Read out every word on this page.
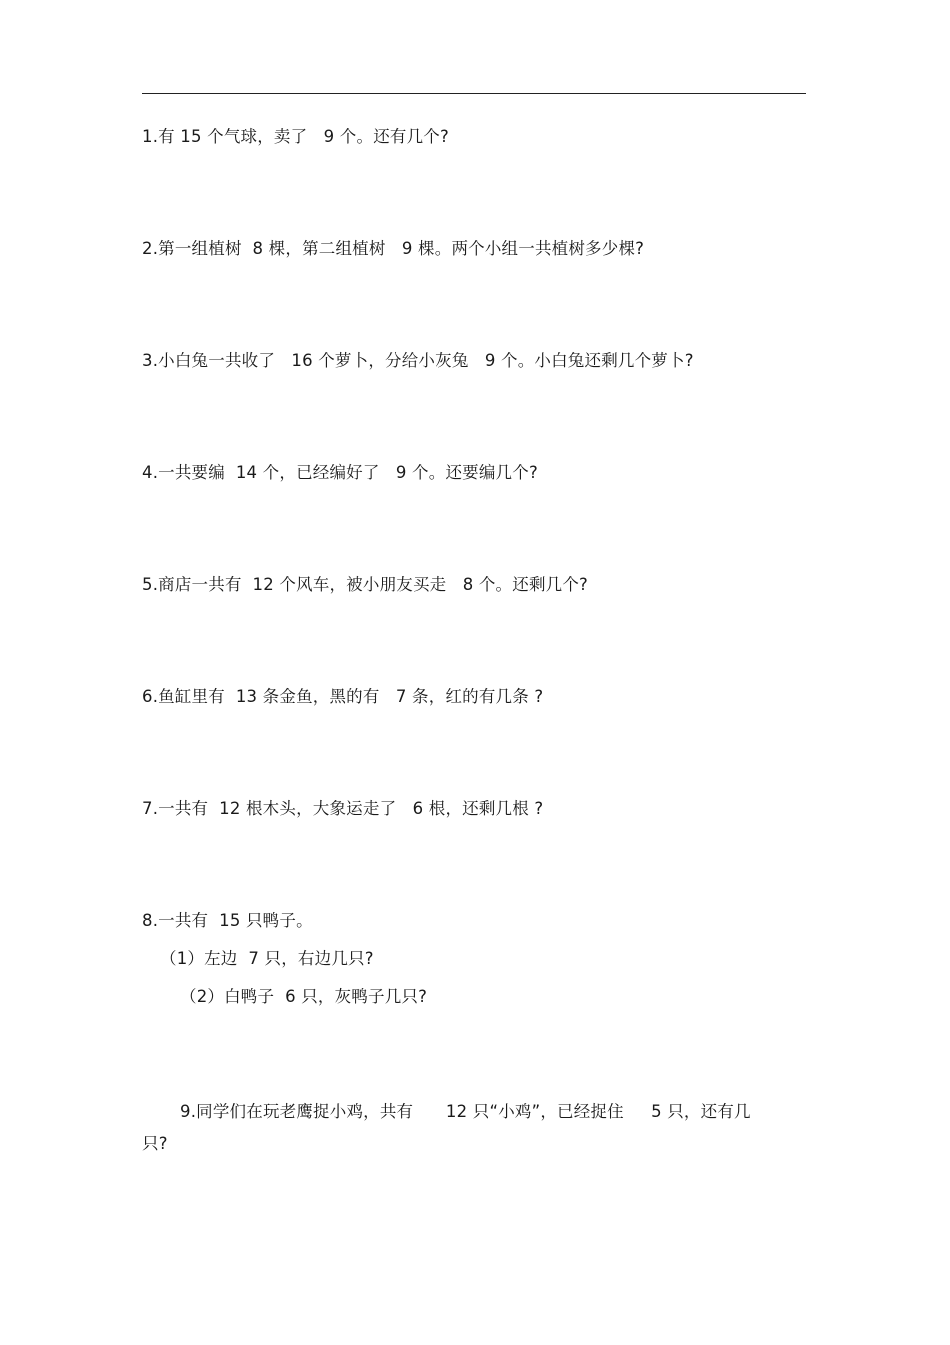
1.有 15 个气球，卖了   9 个。还有几个?
2.第一组植树  8 棵，第二组植树   9 棵。两个小组一共植树多少棵?
3.小白兔一共收了   16 个萝卜，分给小灰兔   9 个。小白兔还剩几个萝卜?
4.一共要编  14 个，已经编好了   9 个。还要编几个?
5.商店一共有  12 个风车，被小朋友买走   8 个。还剩几个?
6.鱼缸里有  13 条金鱼，黑的有   7 条，红的有几条 ?
7.一共有  12 根木头，大象运走了   6 根，还剩几根 ?
8.一共有  15 只鸭子。
（1）左边  7 只，右边几只?
（2）白鸭子  6 只，灰鸭子几只?
9.同学们在玩老鹰捉小鸡，共有      12 只“小鸡”，已经捉住     5 只，还有几
只?
